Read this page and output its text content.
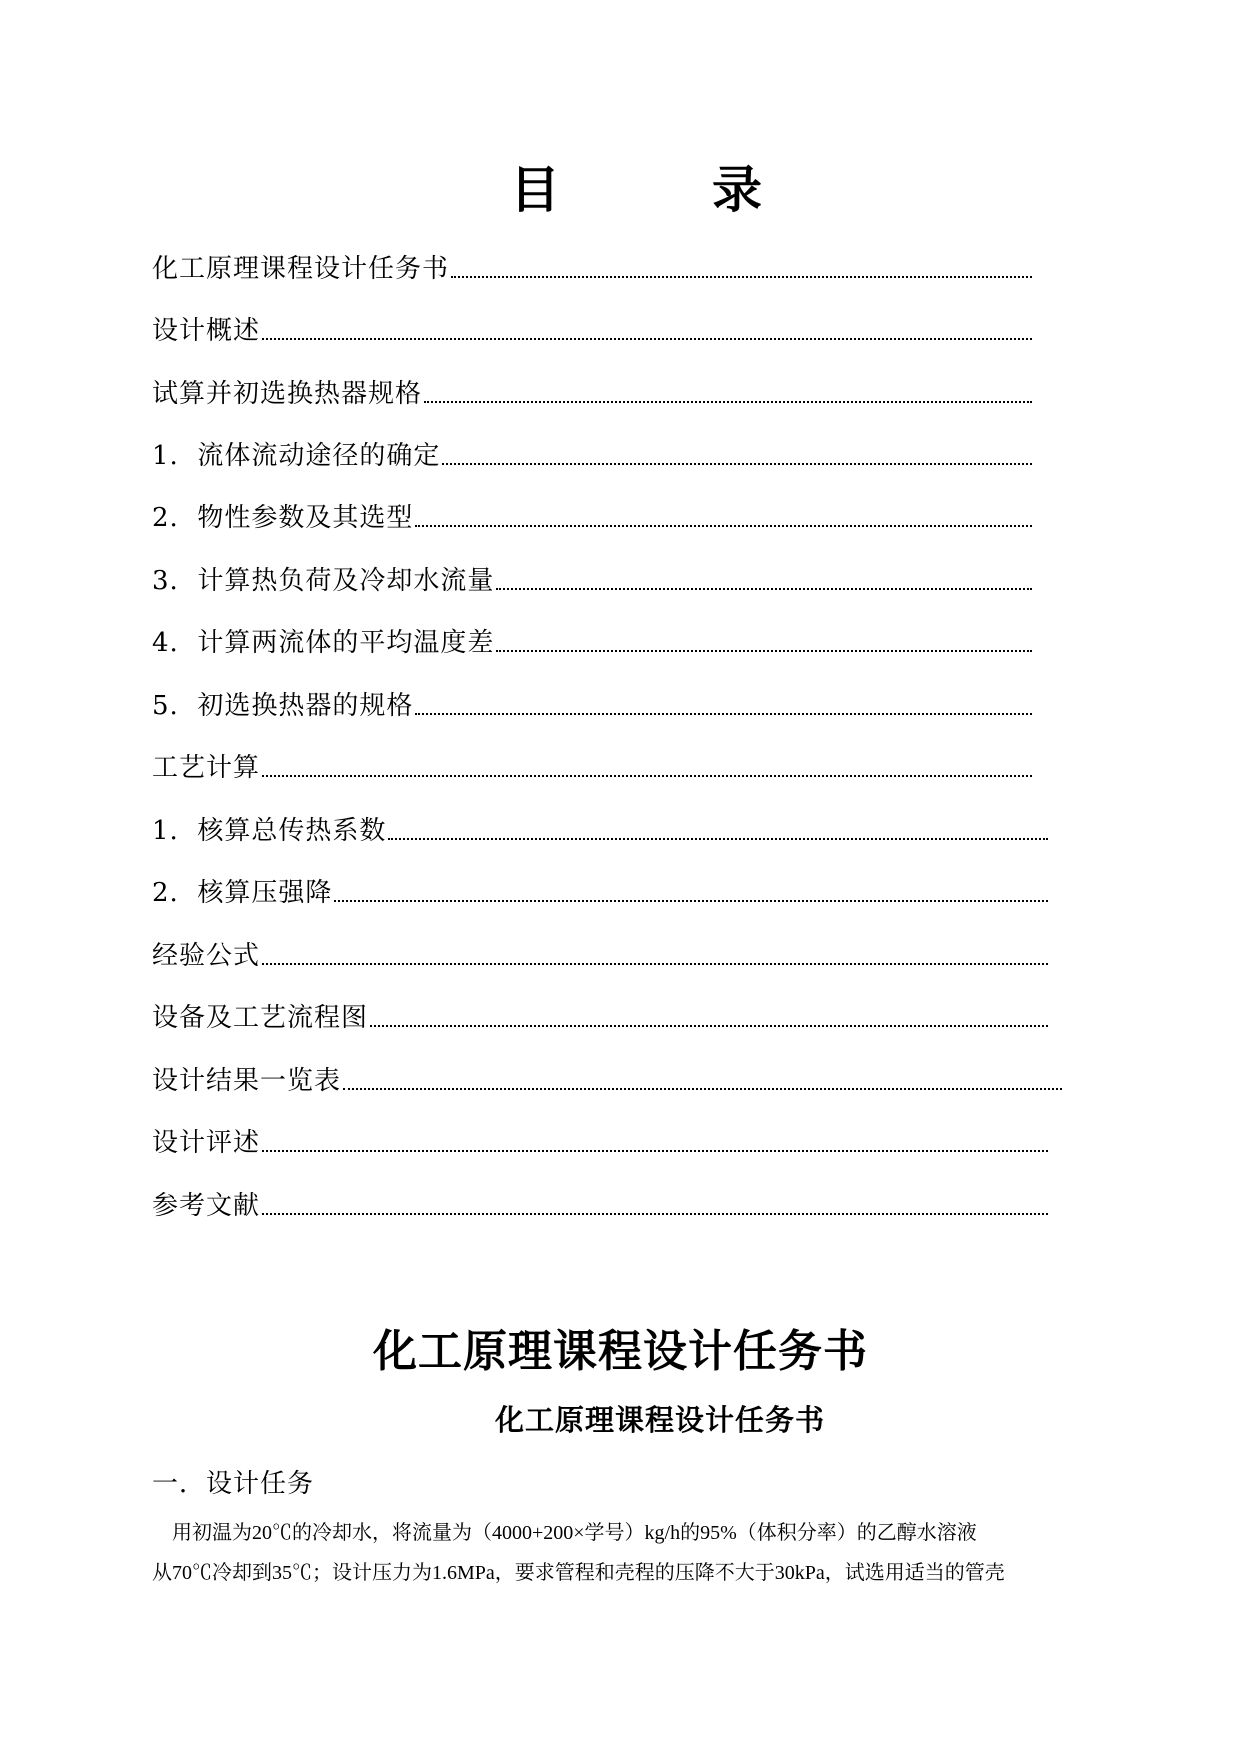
目	录
化工原理课程设计任务书
设计概述
试算并初选换热器规格
1.  流体流动途径的确定
2.  物性参数及其选型
3.  计算热负荷及冷却水流量
4.  计算两流体的平均温度差
5.  初选换热器的规格
工艺计算
1.  核算总传热系数
2.  核算压强降
经验公式
设备及工艺流程图
设计结果一览表
设计评述
参考文献
化工原理课程设计任务书
化工原理课程设计任务书
一．设计任务
用初温为20℃的冷却水，将流量为（4000+200×学号）kg/h的95%（体积分率）的乙醇水溶液
从70℃冷却到35℃；设计压力为1.6MPa，要求管程和壳程的压降不大于30kPa，试选用适当的管壳
